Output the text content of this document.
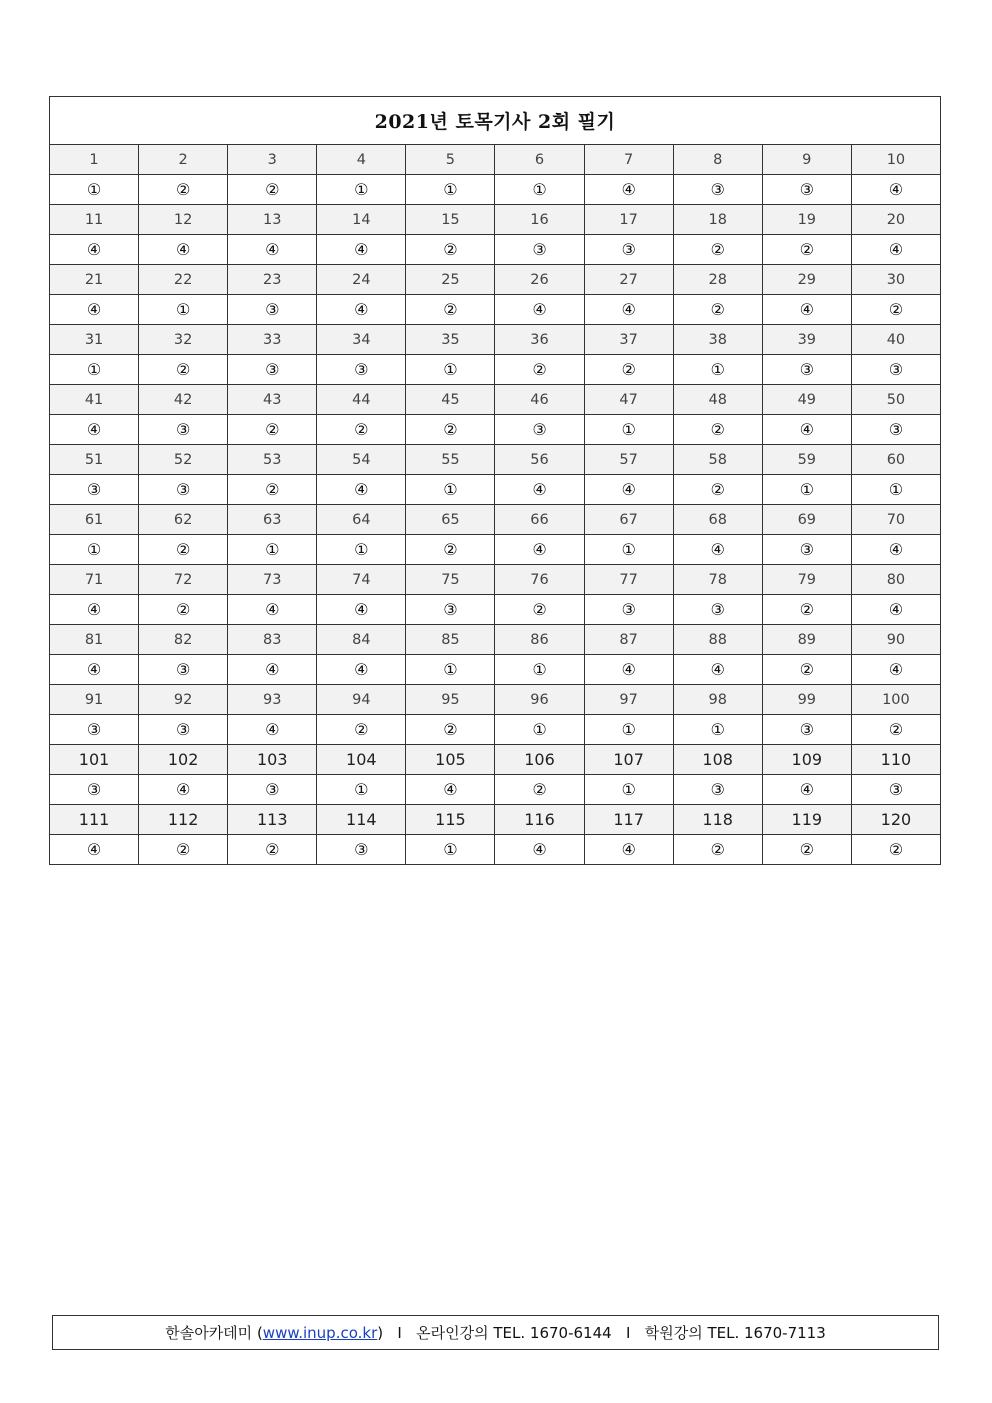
2021년 토목기사 2회 필기									
1	2	3	4	5	6	7	8	9	10
①	②	②	①	①	①	④	③	③	④
11	12	13	14	15	16	17	18	19	20
④	④	④	④	②	③	③	②	②	④
21	22	23	24	25	26	27	28	29	30
④	①	③	④	②	④	④	②	④	②
31	32	33	34	35	36	37	38	39	40
①	②	③	③	①	②	②	①	③	③
41	42	43	44	45	46	47	48	49	50
④	③	②	②	②	③	①	②	④	③
51	52	53	54	55	56	57	58	59	60
③	③	②	④	①	④	④	②	①	①
61	62	63	64	65	66	67	68	69	70
①	②	①	①	②	④	①	④	③	④
71	72	73	74	75	76	77	78	79	80
④	②	④	④	③	②	③	③	②	④
81	82	83	84	85	86	87	88	89	90
④	③	④	④	①	①	④	④	②	④
91	92	93	94	95	96	97	98	99	100
③	③	④	②	②	①	①	①	③	②
101	102	103	104	105	106	107	108	109	110
③	④	③	①	④	②	①	③	④	③
111	112	113	114	115	116	117	118	119	120
④	②	②	③	①	④	④	②	②	②
한솔아카데미 ( www.inup.co.kr ) I
온라인강의 TEL. 1670-6144
I
학원강의 TEL. 1670-7113
